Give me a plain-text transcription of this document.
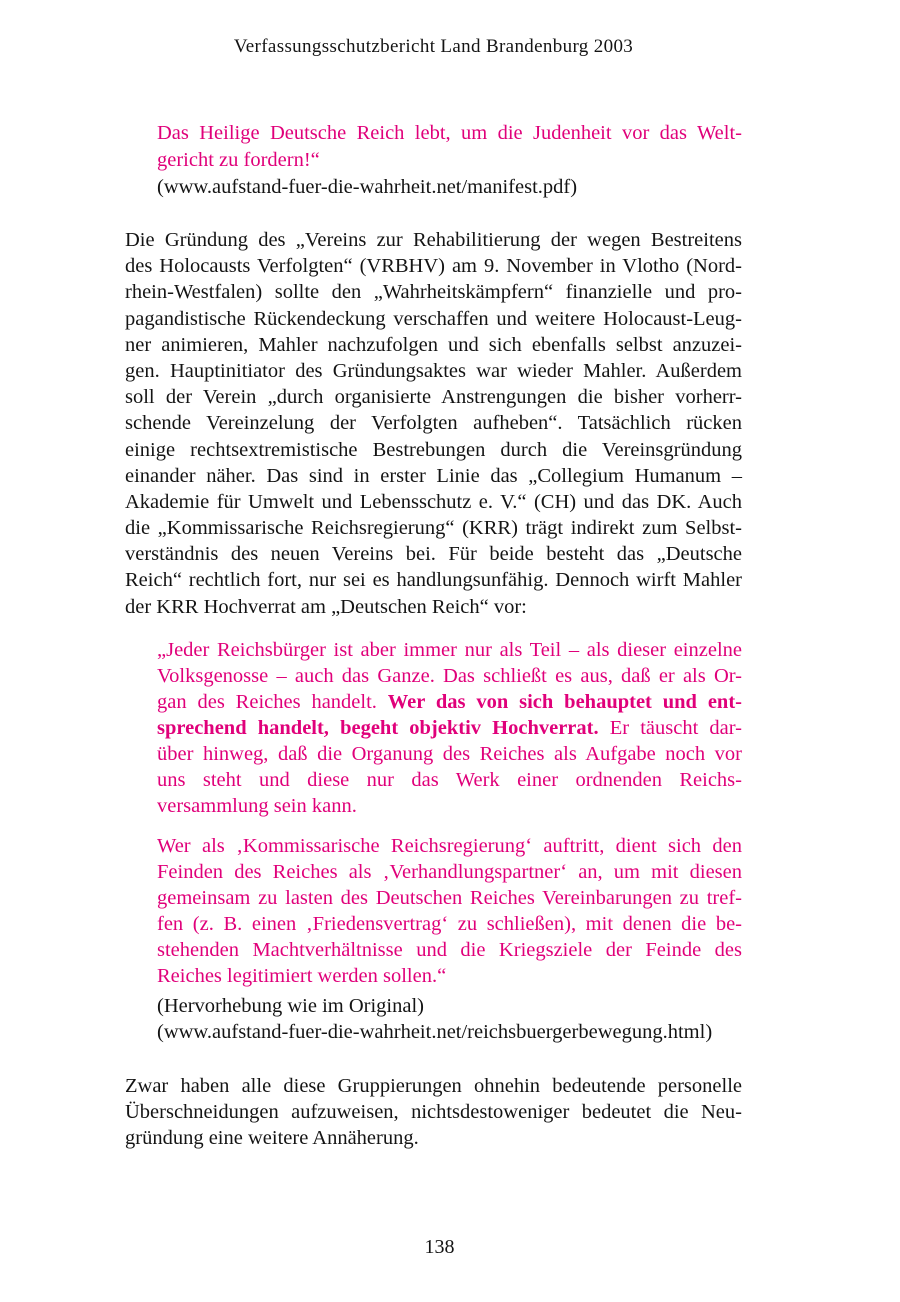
Verfassungsschutzbericht Land Brandenburg 2003
Das Heilige Deutsche Reich lebt, um die Judenheit vor das Welt-
gericht zu fordern!“
(www.aufstand-fuer-die-wahrheit.net/manifest.pdf)
Die Gründung des „Vereins zur Rehabilitierung der wegen Bestreitens
des Holocausts Verfolgten“ (VRBHV) am 9. November in Vlotho (Nord-
rhein-Westfalen) sollte den „Wahrheitskämpfern“ finanzielle und pro-
pagandistische Rückendeckung verschaffen und weitere Holocaust-Leug-
ner animieren, Mahler nachzufolgen und sich ebenfalls selbst anzuzei-
gen. Hauptinitiator des Gründungsaktes war wieder Mahler. Außerdem
soll der Verein „durch organisierte Anstrengungen die bisher vorherr-
schende Vereinzelung der Verfolgten aufheben“. Tatsächlich rücken
einige rechtsextremistische Bestrebungen durch die Vereinsgründung
einander näher. Das sind in erster Linie das „Collegium Humanum –
Akademie für Umwelt und Lebensschutz e. V.“ (CH) und das DK. Auch
die „Kommissarische Reichsregierung“ (KRR) trägt indirekt zum Selbst-
verständnis des neuen Vereins bei. Für beide besteht das „Deutsche
Reich“ rechtlich fort, nur sei es handlungsunfähig. Dennoch wirft Mahler
der KRR Hochverrat am „Deutschen Reich“ vor:
„Jeder Reichsbürger ist aber immer nur als Teil – als dieser einzelne
Volksgenosse – auch das Ganze. Das schließt es aus, daß er als Or-
gan des Reiches handelt. Wer das von sich behauptet und ent-
sprechend handelt, begeht objektiv Hochverrat. Er täuscht dar-
über hinweg, daß die Organung des Reiches als Aufgabe noch vor
uns steht und diese nur das Werk einer ordnenden Reichs-
versammlung sein kann.
Wer als ‚Kommissarische Reichsregierung‘ auftritt, dient sich den
Feinden des Reiches als ‚Verhandlungspartner‘ an, um mit diesen
gemeinsam zu lasten des Deutschen Reiches Vereinbarungen zu tref-
fen (z. B. einen ‚Friedensvertrag‘ zu schließen), mit denen die be-
stehenden Machtverhältnisse und die Kriegsziele der Feinde des
Reiches legitimiert werden sollen.“
(Hervorhebung wie im Original)
(www.aufstand-fuer-die-wahrheit.net/reichsbuergerbewegung.html)
Zwar haben alle diese Gruppierungen ohnehin bedeutende personelle
Überschneidungen aufzuweisen, nichtsdestoweniger bedeutet die Neu-
gründung eine weitere Annäherung.
138
